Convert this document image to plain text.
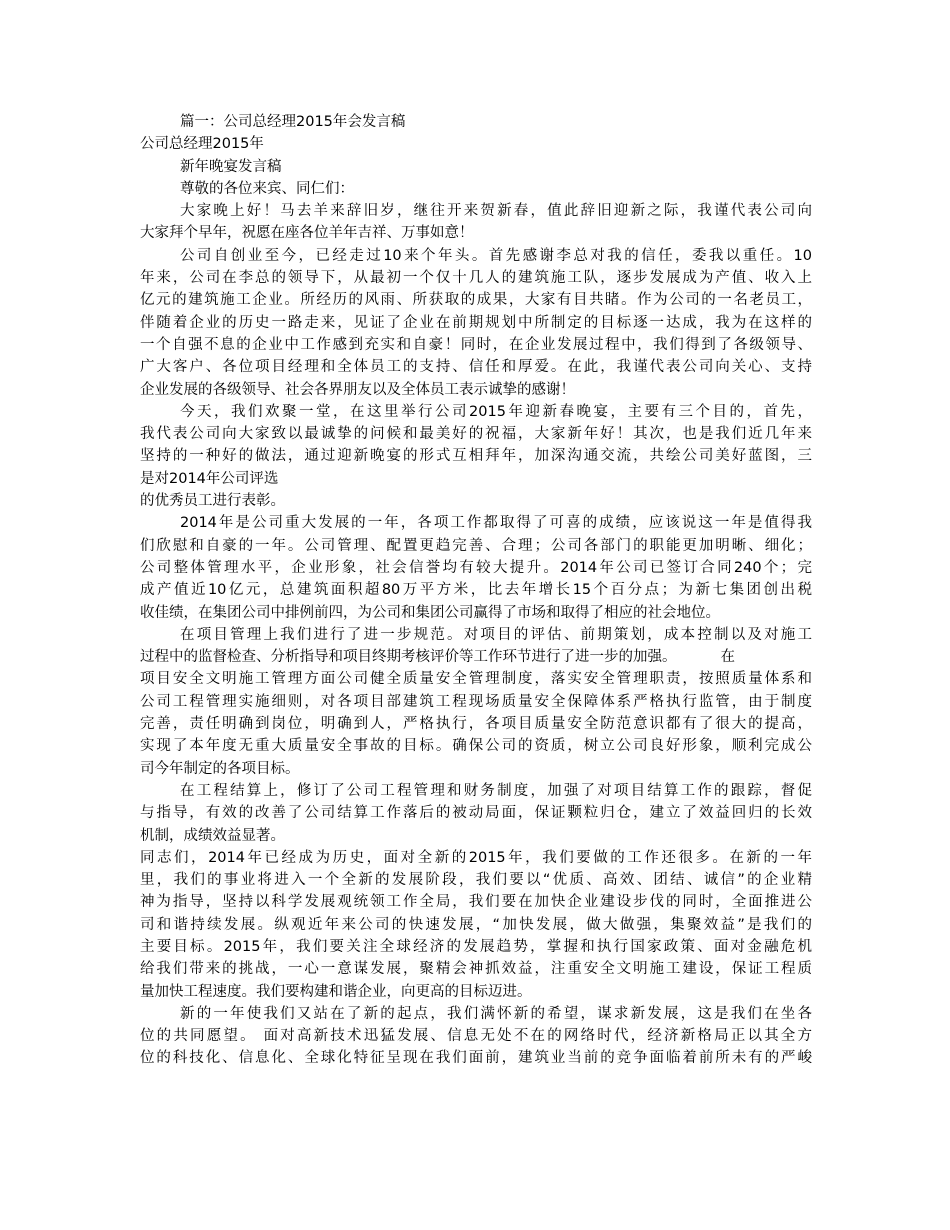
篇一：公司总经理2015年会发言稿
公司总经理2015年
新年晚宴发言稿
尊敬的各位来宾、同仁们：
大家晚上好！马去羊来辞旧岁，继往开来贺新春，值此辞旧迎新之际，我谨代表公司向
大家拜个早年，祝愿在座各位羊年吉祥、万事如意！
公司自创业至今，已经走过10来个年头。首先感谢李总对我的信任，委我以重任。10
年来，公司在李总的领导下，从最初一个仅十几人的建筑施工队，逐步发展成为产值、收入上
亿元的建筑施工企业。所经历的风雨、所获取的成果，大家有目共睹。作为公司的一名老员工，
伴随着企业的历史一路走来，见证了企业在前期规划中所制定的目标逐一达成，我为在这样的
一个自强不息的企业中工作感到充实和自豪！同时，在企业发展过程中，我们得到了各级领导、
广大客户、各位项目经理和全体员工的支持、信任和厚爱。在此，我谨代表公司向关心、支持
企业发展的各级领导、社会各界朋友以及全体员工表示诚挚的感谢！
今天，我们欢聚一堂，在这里举行公司2015年迎新春晚宴，主要有三个目的，首先，
我代表公司向大家致以最诚挚的问候和最美好的祝福，大家新年好！其次，也是我们近几年来
坚持的一种好的做法，通过迎新晚宴的形式互相拜年，加深沟通交流，共绘公司美好蓝图，三
是对2014年公司评选
的优秀员工进行表彰。
2014年是公司重大发展的一年，各项工作都取得了可喜的成绩，应该说这一年是值得我
们欣慰和自豪的一年。公司管理、配置更趋完善、合理；公司各部门的职能更加明晰、细化；
公司整体管理水平，企业形象，社会信誉均有较大提升。2014年公司已签订合同240个；完
成产值近10亿元，总建筑面积超80万平方米，比去年增长15个百分点；为新七集团创出税
收佳绩，在集团公司中排例前四，为公司和集团公司赢得了市场和取得了相应的社会地位。
在项目管理上我们进行了进一步规范。对项目的评估、前期策划，成本控制以及对施工
过程中的监督检查、分析指导和项目终期考核评价等工作环节进行了进一步的加强。	在
项目安全文明施工管理方面公司健全质量安全管理制度，落实安全管理职责，按照质量体系和
公司工程管理实施细则，对各项目部建筑工程现场质量安全保障体系严格执行监管，由于制度
完善，责任明确到岗位，明确到人，严格执行，各项目质量安全防范意识都有了很大的提高，
实现了本年度无重大质量安全事故的目标。确保公司的资质，树立公司良好形象，顺利完成公
司今年制定的各项目标。
在工程结算上，修订了公司工程管理和财务制度，加强了对项目结算工作的跟踪，督促
与指导，有效的改善了公司结算工作落后的被动局面，保证颗粒归仓，建立了效益回归的长效
机制，成绩效益显著。
同志们，2014年已经成为历史，面对全新的2015年，我们要做的工作还很多。在新的一年
里，我们的事业将进入一个全新的发展阶段，我们要以“优质、高效、团结、诚信”的企业精
神为指导，坚持以科学发展观统领工作全局，我们要在加快企业建设步伐的同时，全面推进公
司和谐持续发展。纵观近年来公司的快速发展，“加快发展，做大做强，集聚效益”是我们的
主要目标。2015年，我们要关注全球经济的发展趋势，掌握和执行国家政策、面对金融危机
给我们带来的挑战，一心一意谋发展，聚精会神抓效益，注重安全文明施工建设，保证工程质
量加快工程速度。我们要构建和谐企业，向更高的目标迈进。
新的一年使我们又站在了新的起点，我们满怀新的希望，谋求新发展，这是我们在坐各
位的共同愿望。 面对高新技术迅猛发展、信息无处不在的网络时代，经济新格局正以其全方
位的科技化、信息化、全球化特征呈现在我们面前，建筑业当前的竞争面临着前所未有的严峻
